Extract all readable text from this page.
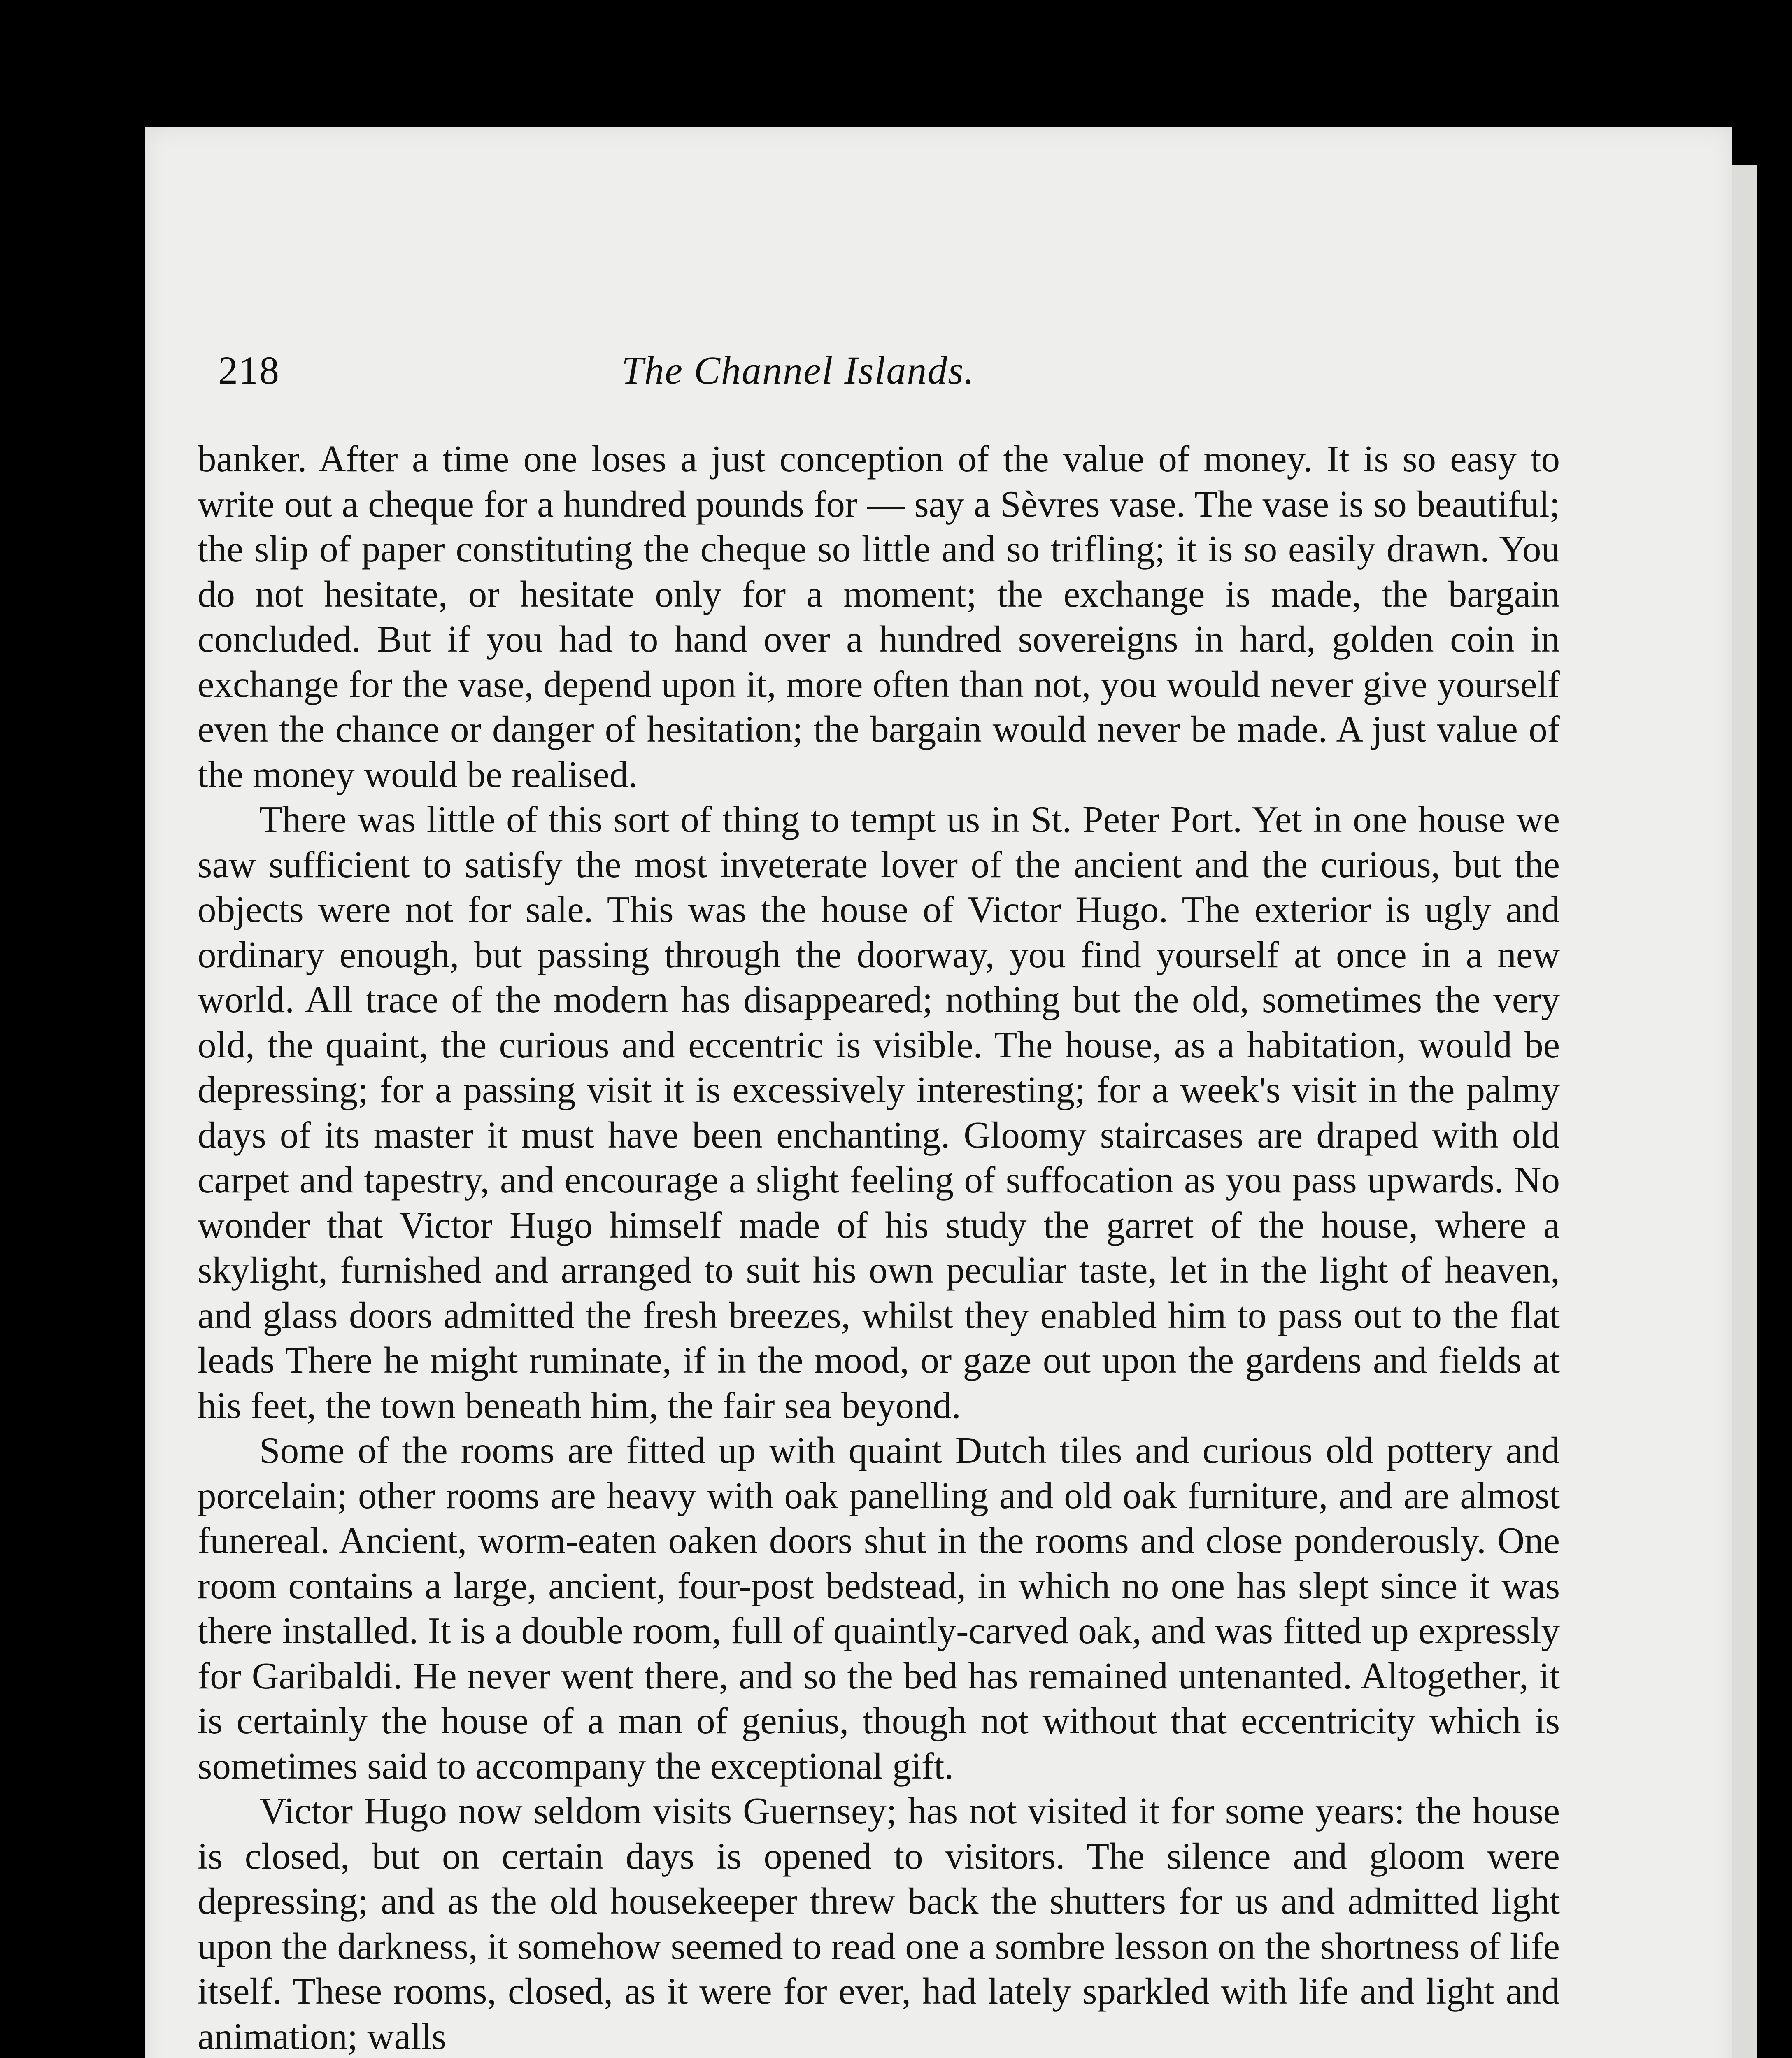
218	The Channel Islands.

banker. After a time one loses a just conception of the value of money. It is so easy to write out a cheque for a hundred pounds for — say a Sèvres vase. The vase is so beautiful; the slip of paper constituting the cheque so little and so trifling; it is so easily drawn. You do not hesitate, or hesitate only for a moment; the exchange is made, the bargain concluded. But if you had to hand over a hundred sovereigns in hard, golden coin in exchange for the vase, depend upon it, more often than not, you would never give yourself even the chance or danger of hesitation; the bargain would never be made. A just value of the money would be realised.

There was little of this sort of thing to tempt us in St. Peter Port. Yet in one house we saw sufficient to satisfy the most inveterate lover of the ancient and the curious, but the objects were not for sale. This was the house of Victor Hugo. The exterior is ugly and ordinary enough, but passing through the doorway, you find yourself at once in a new world. All trace of the modern has disappeared; nothing but the old, sometimes the very old, the quaint, the curious and eccentric is visible. The house, as a habitation, would be depressing; for a passing visit it is excessively interesting; for a week's visit in the palmy days of its master it must have been enchanting. Gloomy staircases are draped with old carpet and tapestry, and encourage a slight feeling of suffocation as you pass upwards. No wonder that Victor Hugo himself made of his study the garret of the house, where a skylight, furnished and arranged to suit his own peculiar taste, let in the light of heaven, and glass doors admitted the fresh breezes, whilst they enabled him to pass out to the flat leads There he might ruminate, if in the mood, or gaze out upon the gardens and fields at his feet, the town beneath him, the fair sea beyond.

Some of the rooms are fitted up with quaint Dutch tiles and curious old pottery and porcelain; other rooms are heavy with oak panelling and old oak furniture, and are almost funereal. Ancient, worm-eaten oaken doors shut in the rooms and close ponderously. One room contains a large, ancient, four-post bedstead, in which no one has slept since it was there installed. It is a double room, full of quaintly-carved oak, and was fitted up expressly for Garibaldi. He never went there, and so the bed has remained untenanted. Altogether, it is certainly the house of a man of genius, though not without that eccentricity which is sometimes said to accompany the exceptional gift.

Victor Hugo now seldom visits Guernsey; has not visited it for some years: the house is closed, but on certain days is opened to visitors. The silence and gloom were depressing; and as the old housekeeper threw back the shutters for us and admitted light upon the darkness, it somehow seemed to read one a sombre lesson on the shortness of life itself. These rooms, closed, as it were for ever, had lately sparkled with life and light and animation; walls
